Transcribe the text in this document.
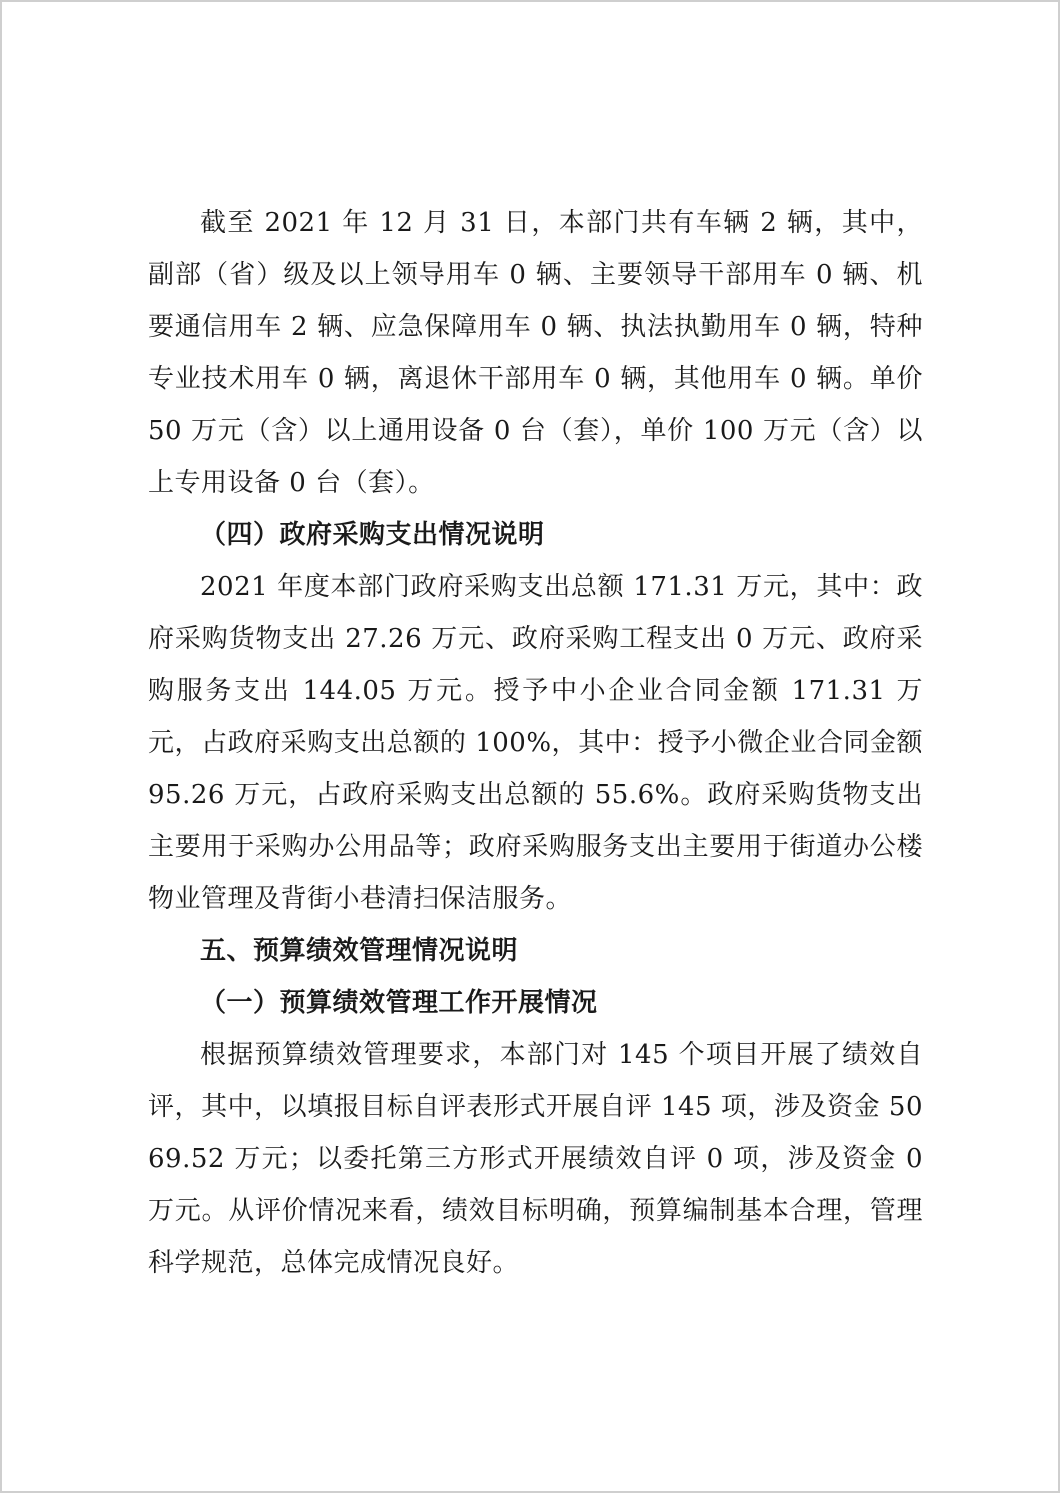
截至 2021 年 12 月 31 日，本部门共有车辆 2 辆，其中，副部（省）级及以上领导用车 0 辆、主要领导干部用车 0 辆、机要通信用车 2 辆、应急保障用车 0 辆、执法执勤用车 0 辆，特种专业技术用车 0 辆，离退休干部用车 0 辆，其他用车 0 辆。单价 50 万元（含）以上通用设备 0 台（套），单价 100 万元（含）以上专用设备 0 台（套）。

（四）政府采购支出情况说明

2021 年度本部门政府采购支出总额 171.31 万元，其中：政府采购货物支出 27.26 万元、政府采购工程支出 0 万元、政府采购服务支出 144.05 万元。授予中小企业合同金额 171.31 万元，占政府采购支出总额的 100%，其中：授予小微企业合同金额 95.26 万元，占政府采购支出总额的 55.6%。政府采购货物支出主要用于采购办公用品等；政府采购服务支出主要用于街道办公楼物业管理及背街小巷清扫保洁服务。

五、预算绩效管理情况说明

（一）预算绩效管理工作开展情况

根据预算绩效管理要求，本部门对 145 个项目开展了绩效自评，其中，以填报目标自评表形式开展自评 145 项，涉及资金 5069.52 万元；以委托第三方形式开展绩效自评 0 项，涉及资金 0 万元。从评价情况来看，绩效目标明确，预算编制基本合理，管理科学规范，总体完成情况良好。
